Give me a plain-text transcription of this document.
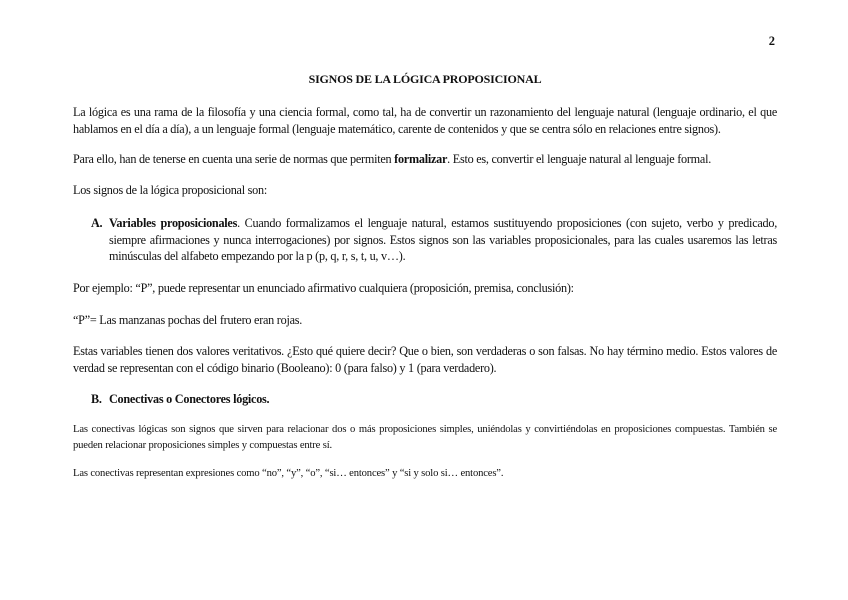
2
SIGNOS DE LA LÓGICA PROPOSICIONAL

La lógica es una rama de la filosofía y una ciencia formal, como tal, ha de convertir un razonamiento del lenguaje natural (lenguaje ordinario, el que hablamos en el día a día), a un lenguaje formal (lenguaje matemático, carente de contenidos y que se centra sólo en relaciones entre signos).

Para ello, han de tenerse en cuenta una serie de normas que permiten formalizar. Esto es, convertir el lenguaje natural al lenguaje formal.

Los signos de la lógica proposicional son:

A. Variables proposicionales. Cuando formalizamos el lenguaje natural, estamos sustituyendo proposiciones (con sujeto, verbo y predicado, siempre afirmaciones y nunca interrogaciones) por signos. Estos signos son las variables proposicionales, para las cuales usaremos las letras minúsculas del alfabeto empezando por la p (p, q, r, s, t, u, v…).

Por ejemplo: “P”, puede representar un enunciado afirmativo cualquiera (proposición, premisa, conclusión):

“P”= Las manzanas pochas del frutero eran rojas.

Estas variables tienen dos valores veritativos. ¿Esto qué quiere decir? Que o bien, son verdaderas o son falsas. No hay término medio. Estos valores de verdad se representan con el código binario (Booleano): 0 (para falso) y 1 (para verdadero).

B. Conectivas o Conectores lógicos.

Las conectivas lógicas son signos que sirven para relacionar dos o más proposiciones simples, uniéndolas y convirtiéndolas en proposiciones compuestas. También se pueden relacionar proposiciones simples y compuestas entre sí.

Las conectivas representan expresiones como “no”, “y”, “o”, “si… entonces” y “si y solo si… entonces”.
